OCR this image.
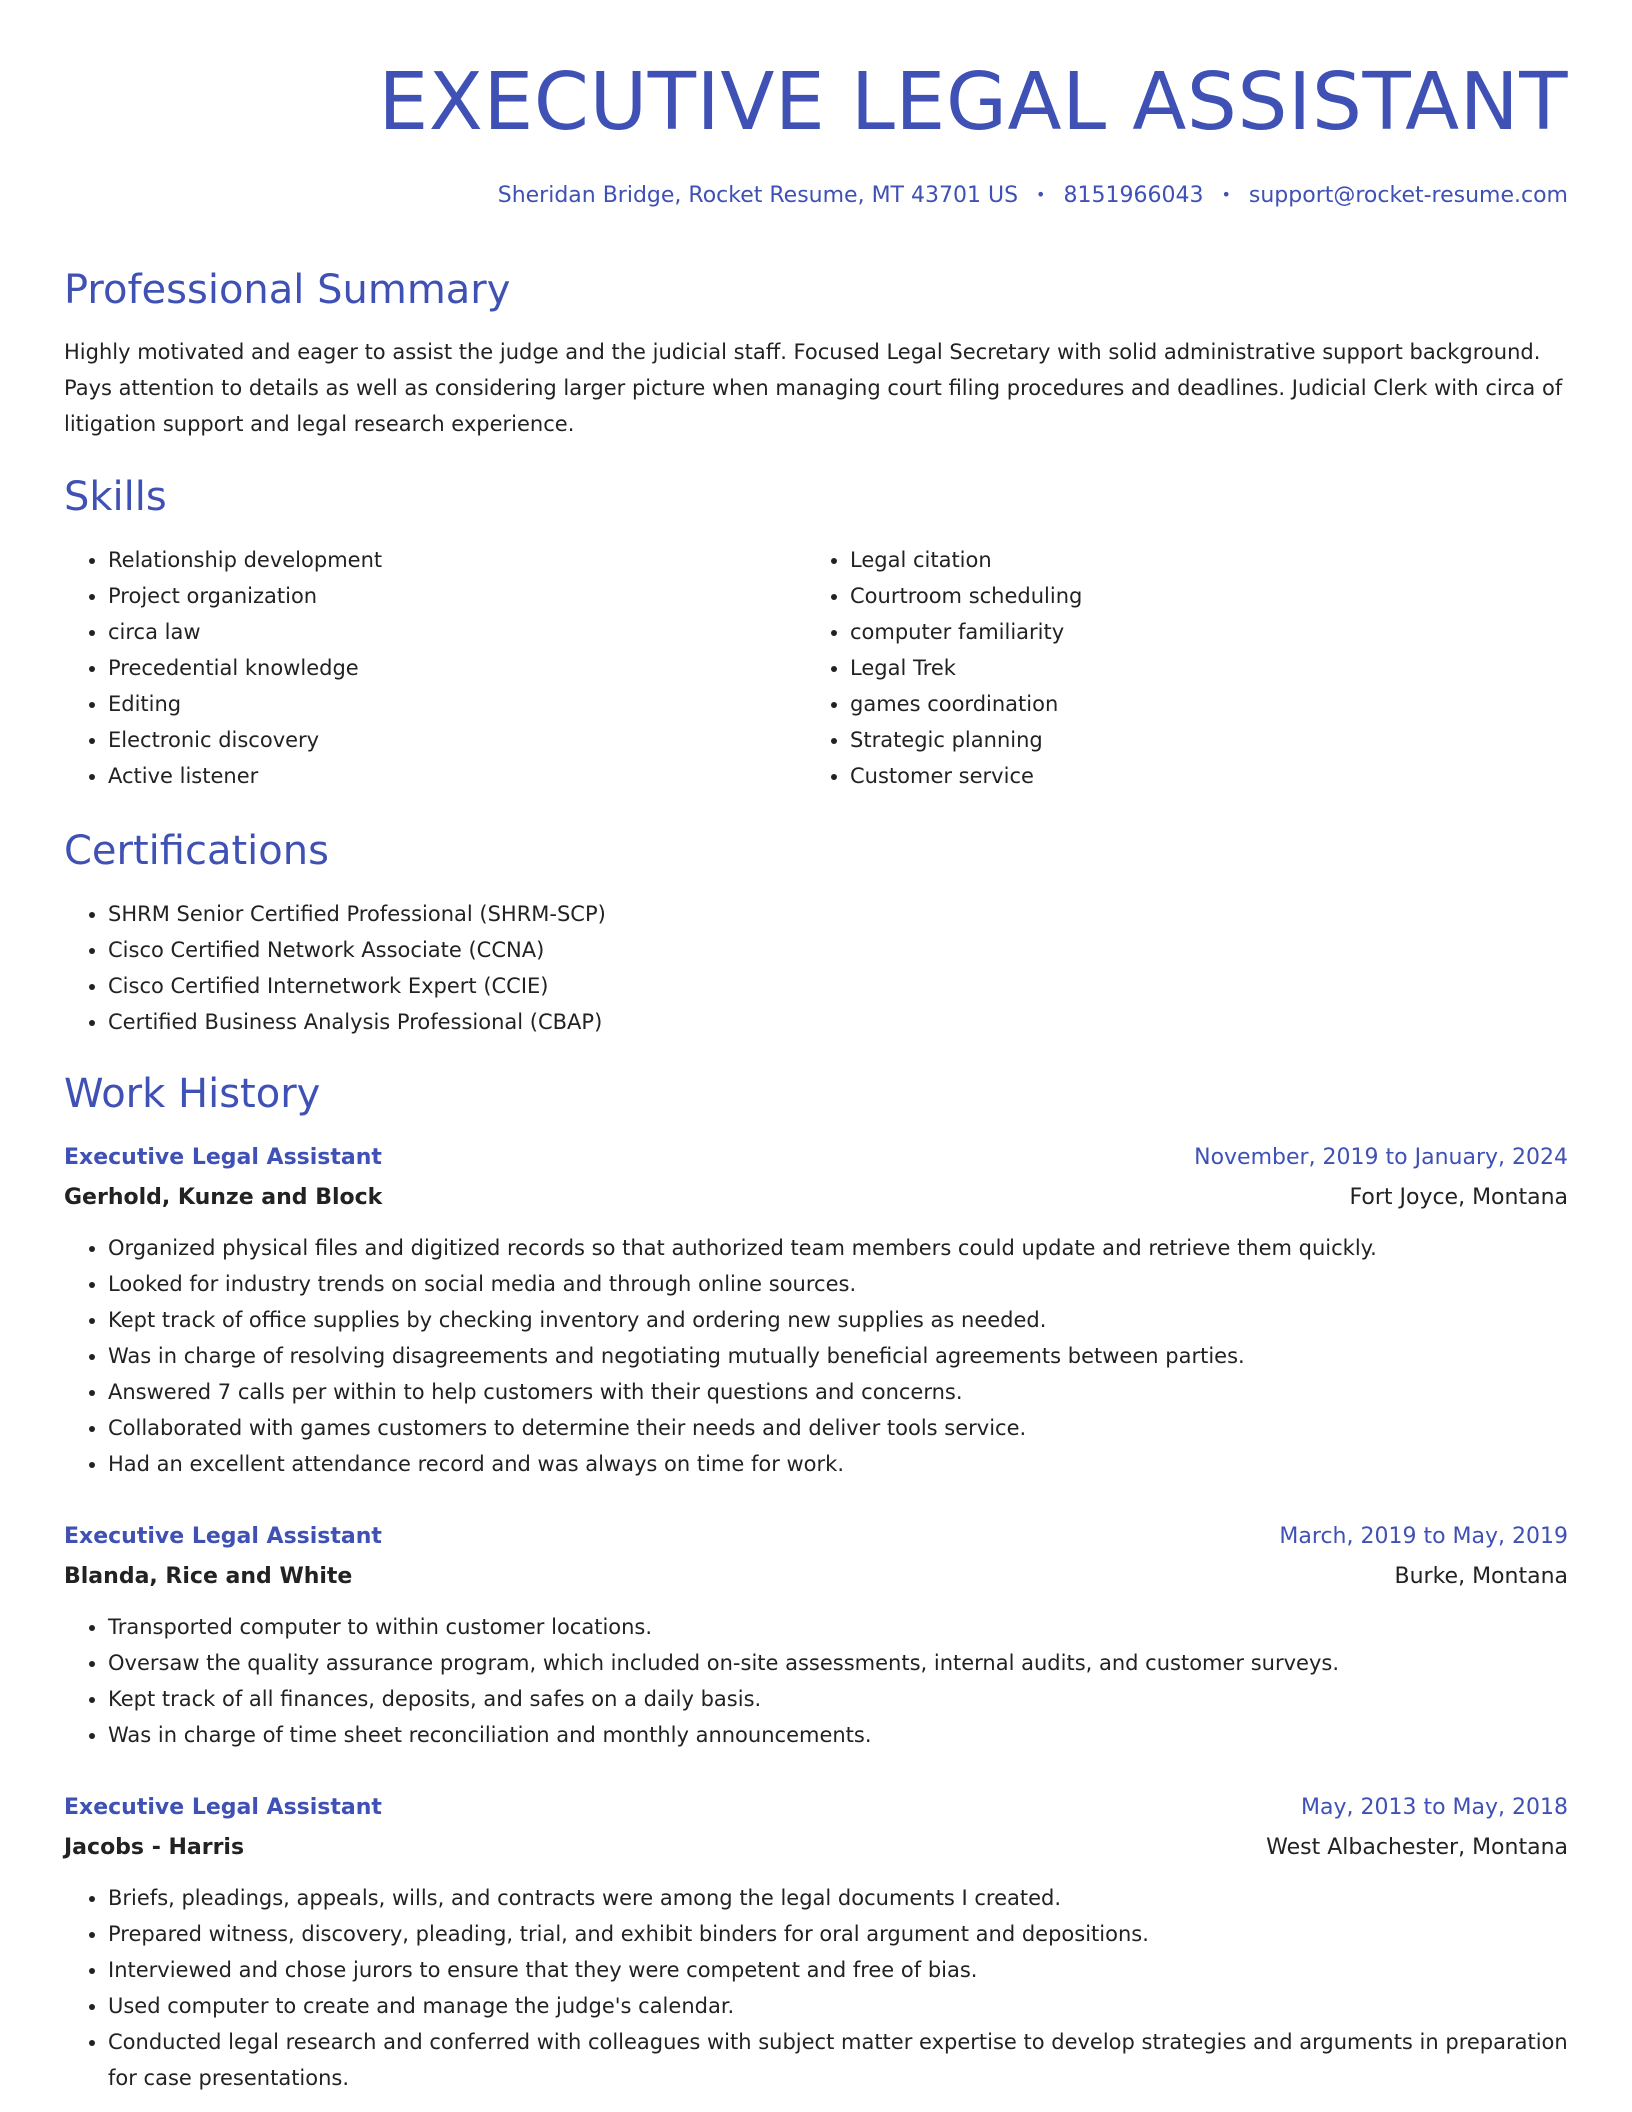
EXECUTIVE LEGAL ASSISTANT
Sheridan Bridge, Rocket Resume, MT 43701 US • 8151966043 • support@rocket-resume.com
Professional Summary

Highly motivated and eager to assist the judge and the judicial staff. Focused Legal Secretary with solid administrative support background. Pays attention to details as well as considering larger picture when managing court filing procedures and deadlines. Judicial Clerk with circa of litigation support and legal research experience.

Skills
• Relationship development
• Project organization
• circa law
• Precedential knowledge
• Editing
• Electronic discovery
• Active listener
• Legal citation
• Courtroom scheduling
• computer familiarity
• Legal Trek
• games coordination
• Strategic planning
• Customer service
Certifications
• SHRM Senior Certified Professional (SHRM-SCP)
• Cisco Certified Network Associate (CCNA)
• Cisco Certified Internetwork Expert (CCIE)
• Certified Business Analysis Professional (CBAP)
Work History
Executive Legal Assistant	November, 2019 to January, 2024
Gerhold, Kunze and Block	Fort Joyce, Montana
• Organized physical files and digitized records so that authorized team members could update and retrieve them quickly.
• Looked for industry trends on social media and through online sources.
• Kept track of office supplies by checking inventory and ordering new supplies as needed.
• Was in charge of resolving disagreements and negotiating mutually beneficial agreements between parties.
• Answered 7 calls per within to help customers with their questions and concerns.
• Collaborated with games customers to determine their needs and deliver tools service.
• Had an excellent attendance record and was always on time for work.
Executive Legal Assistant	March, 2019 to May, 2019
Blanda, Rice and White	Burke, Montana
• Transported computer to within customer locations.
• Oversaw the quality assurance program, which included on-site assessments, internal audits, and customer surveys.
• Kept track of all finances, deposits, and safes on a daily basis.
• Was in charge of time sheet reconciliation and monthly announcements.
Executive Legal Assistant	May, 2013 to May, 2018
Jacobs - Harris	West Albachester, Montana
• Briefs, pleadings, appeals, wills, and contracts were among the legal documents I created.
• Prepared witness, discovery, pleading, trial, and exhibit binders for oral argument and depositions.
• Interviewed and chose jurors to ensure that they were competent and free of bias.
• Used computer to create and manage the judge's calendar.
• Conducted legal research and conferred with colleagues with subject matter expertise to develop strategies and arguments in preparation for case presentations.
